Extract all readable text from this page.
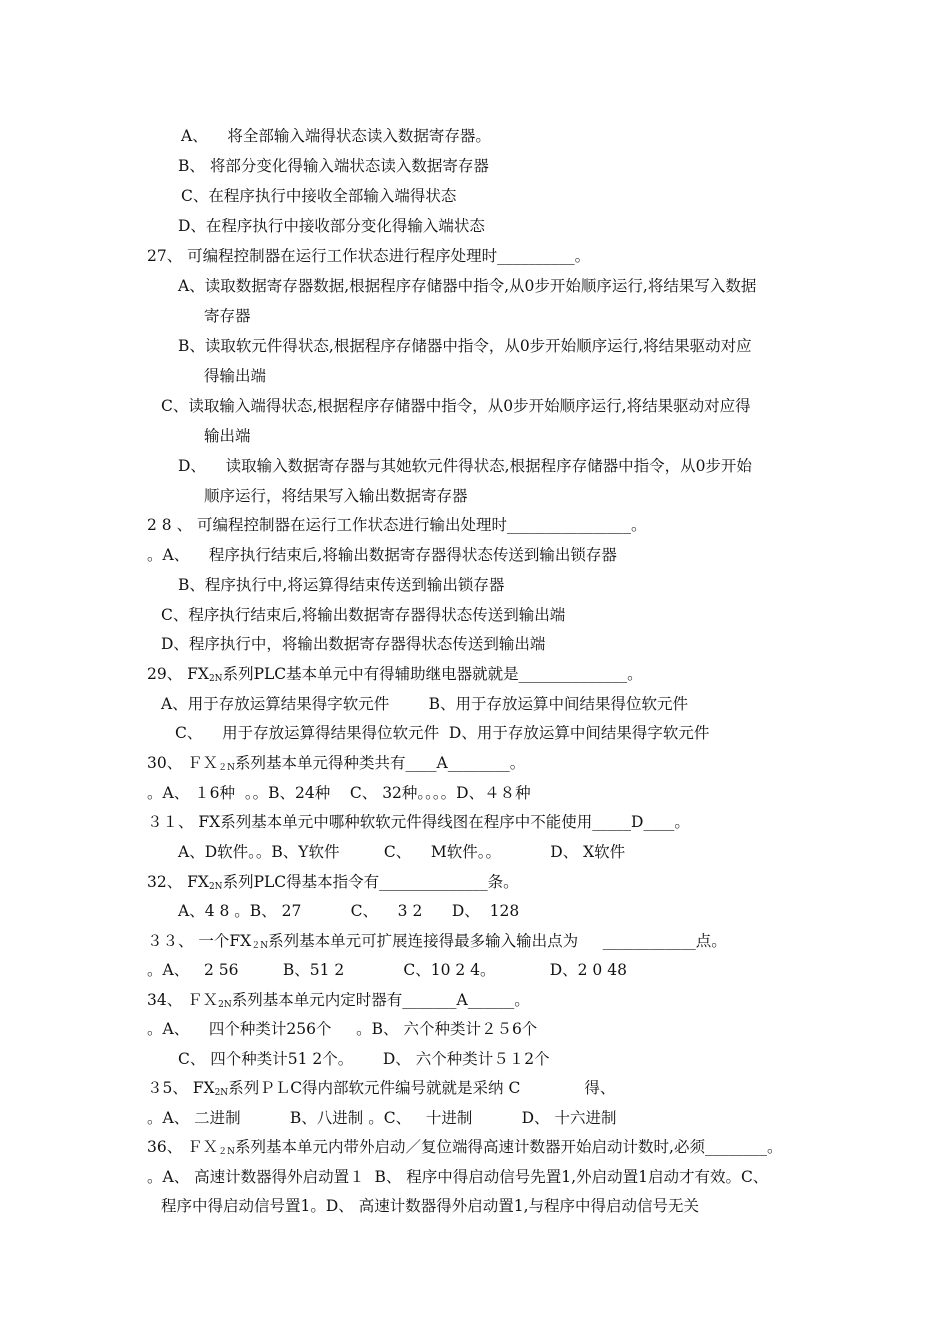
A、    将全部输入端得状态读入数据寄存器。
B、 将部分变化得输入端状态读入数据寄存器
C、在程序执行中接收全部输入端得状态
D、在程序执行中接收部分变化得输入端状态
27、 可编程控制器在运行工作状态进行程序处理时__________。
A、读取数据寄存器数据,根据程序存储器中指令,从0步开始顺序运行,将结果写入数据
寄存器
B、读取软元件得状态,根据程序存储器中指令，从0步开始顺序运行,将结果驱动对应
得输出端
C、读取输入端得状态,根据程序存储器中指令，从0步开始顺序运行,将结果驱动对应得
输出端
D、    读取输入数据寄存器与其她软元件得状态,根据程序存储器中指令，从0步开始
顺序运行，将结果写入输出数据寄存器
2 8 、 可编程控制器在运行工作状态进行输出处理时________________。
。A、    程序执行结束后,将输出数据寄存器得状态传送到输出锁存器
B、程序执行中,将运算得结束传送到输出锁存器
C、程序执行结束后,将输出数据寄存器得状态传送到输出端
D、程序执行中，将输出数据寄存器得状态传送到输出端
29、 $FX_{2N}$系列PLC基本单元中有得辅助继电器就就是______________。
A、用于存放运算结果得字软元件        B、用于存放运算中间结果得位软元件
C、    用于存放运算得结果得位软元件  D、用于存放运算中间结果得字软元件
30、 ＦＸ$_{2N}$系列基本单元得种类共有____A________。
。A、 １6种  。。B、24种    C、 32种。。。。D、４８种
３１、 FX系列基本单元中哪种软软元件得线图在程序中不能使用_____D____。
A、D软件。。B、Y软件         C、    M软件。。          D、 X软件
32、 $FX_{2N}$系列PLC得基本指令有______________条。
A、4 8 。B、 27          C、    3 2      D、  128
３３、 一个$FX_{2N}$系列基本单元可扩展连接得最多输入输出点为     ____________点。
。A、   2 56         B、51 2            C、10 2 4。           D、2 0 48
34、 ＦＸ$_{2N}$系列基本单元内定时器有_______A______。
。A、    四个种类计256个     。B、 六个种类计２５6个
C、 四个种类计51 2个。      D、 六个种类计５１2个
３5、 $FX_{2N}$系列ＰＬC得内部软元件编号就就是采纳 C             得、
。A、 二进制          B、八进制 。C、   十进制          D、 十六进制
36、 ＦＸ$_{2N}$系列基本单元内带外启动／复位端得高速计数器开始启动计数时,必须________。
。A、 高速计数器得外启动置１  B、 程序中得启动信号先置1,外启动置1启动才有效。C、
程序中得启动信号置1。D、 高速计数器得外启动置1,与程序中得启动信号无关
